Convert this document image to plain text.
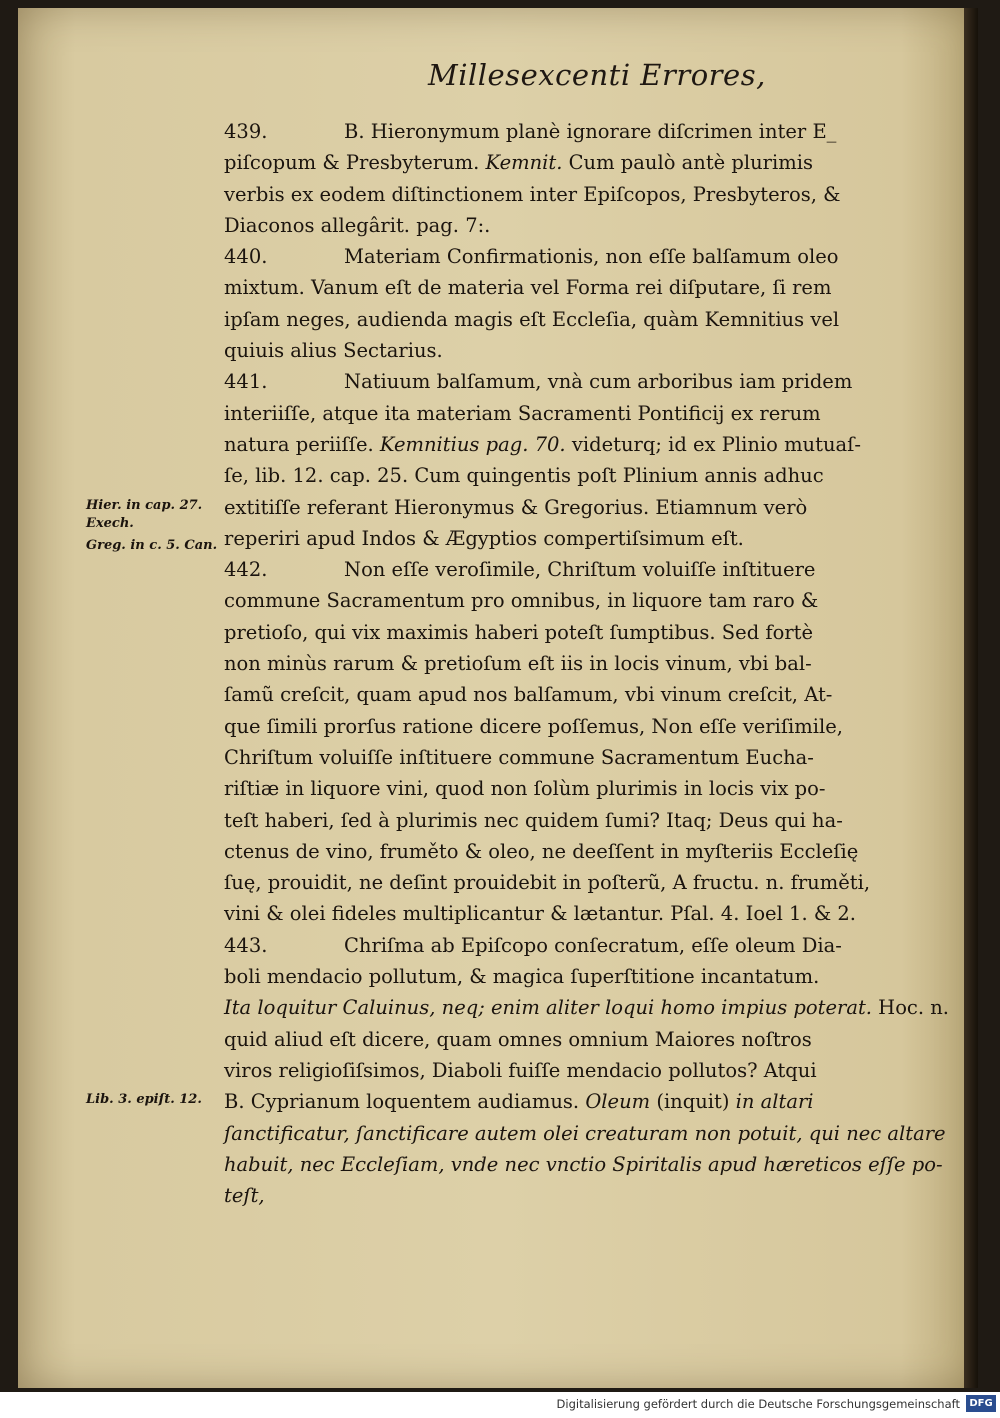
Millesexcenti Errores,
439.	B. Hieronymum planè ignorare diſcrimen inter E_
piſcopum & Presbyterum. Kemnit. Cum paulò antè plurimis
verbis ex eodem diſtinctionem inter Epiſcopos, Presbyteros, &
Diaconos allegârit. pag. 7:.
440.	Materiam Confirmationis, non eſſe balſamum oleo
mixtum. Vanum eſt de materia vel Forma rei diſputare, ſi rem
ipſam neges, audienda magis eſt Eccleſia, quàm Kemnitius vel
quiuis alius Sectarius.
441.	Natiuum balſamum, vnà cum arboribus iam pridem
interiiſſe, atque ita materiam Sacramenti Pontificij ex rerum
natura periiſſe. Kemnitius pag. 70. videturq; id ex Plinio mutuaſ-
ſe, lib. 12. cap. 25. Cum quingentis poſt Plinium annis adhuc
extitiſſe referant Hieronymus & Gregorius. Etiamnum verò
reperiri apud Indos & Ægyptios compertiſsimum eſt.
442.	Non eſſe veroſimile, Chriſtum voluiſſe inſtituere
commune Sacramentum pro omnibus, in liquore tam raro &
pretioſo, qui vix maximis haberi poteſt ſumptibus. Sed fortè
non minùs rarum & pretioſum eſt iis in locis vinum, vbi bal-
ſamũ creſcit, quam apud nos balſamum, vbi vinum creſcit, At-
que ſimili prorſus ratione dicere poſſemus, Non eſſe veriſimile,
Chriſtum voluiſſe inſtituere commune Sacramentum Eucha-
riſtiæ in liquore vini, quod non ſolùm plurimis in locis vix po-
teſt haberi, ſed à plurimis nec quidem ſumi? Itaq; Deus qui ha-
ctenus de vino, fruměto & oleo, ne deeſſent in myſteriis Eccleſię
ſuę, prouidit, ne deſint prouidebit in poſterũ, A fructu. n. fruměti,
vini & olei fideles multiplicantur & lætantur. Pſal. 4. Ioel 1. & 2.
443.	Chriſma ab Epiſcopo conſecratum, eſſe oleum Dia-
boli mendacio pollutum, & magica ſuperſtitione incantatum.
Ita loquitur Caluinus, neq; enim aliter loqui homo impius poterat. Hoc. n.
quid aliud eſt dicere, quam omnes omnium Maiores noſtros
viros religioſiſsimos, Diaboli fuiſſe mendacio pollutos? Atqui
B. Cyprianum loquentem audiamus. Oleum (inquit) in altari
ſanctificatur, ſanctificare autem olei creaturam non potuit, qui nec altare
habuit, nec Eccleſiam, vnde nec vnctio Spiritalis apud hæreticos eſſe po-
teſt,
Hier. in cap. 27.
Exech.
Greg. in c. 5. Can.
Lib. 3. epiſt. 12.
Digitalisierung gefördert durch die Deutsche Forschungsgemeinschaft DFG
